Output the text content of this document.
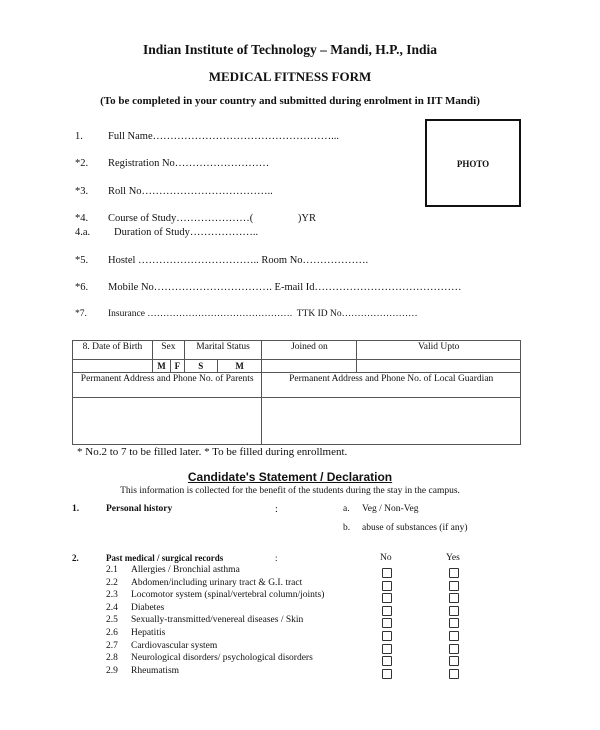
Indian Institute of Technology – Mandi, H.P., India
MEDICAL FITNESS FORM
(To be completed in your country and submitted during enrolment in IIT Mandi)
1. Full Name……………………………………………...
*2. Registration No………………………
*3. Roll No………………………………..
*4. Course of Study…………………(                 )YR
4.a. Duration of Study………………..
*5. Hostel …………………………….. Room No……………….
*6. Mobile No……………………………. E-mail Id……………………………………
*7. Insurance ……………………………………….  TTK ID No……………………
PHOTO
8. Date of Birth	Sex		Marital Status		Joined on	Valid Upto
	M	F	S	M		
Permanent Address and Phone No. of Parents					Permanent Address and Phone No. of Local Guardian	

* No.2 to 7 to be filled later. * To be filled during enrollment.
Candidate's Statement / Declaration
This information is collected for the benefit of the students during the stay in the campus.
1.	Personal history	:	a. Veg / Non-Veg
b. abuse of substances (if any)
2.	Past medical / surgical records	:	No	Yes
2.1 Allergies / Bronchial asthma
2.2 Abdomen/including urinary tract & G.I. tract
2.3 Locomotor system (spinal/vertebral column/joints)
2.4 Diabetes
2.5 Sexually-transmitted/venereal diseases / Skin
2.6 Hepatitis
2.7 Cardiovascular system
2.8 Neurological disorders/ psychological disorders
2.9 Rheumatism
